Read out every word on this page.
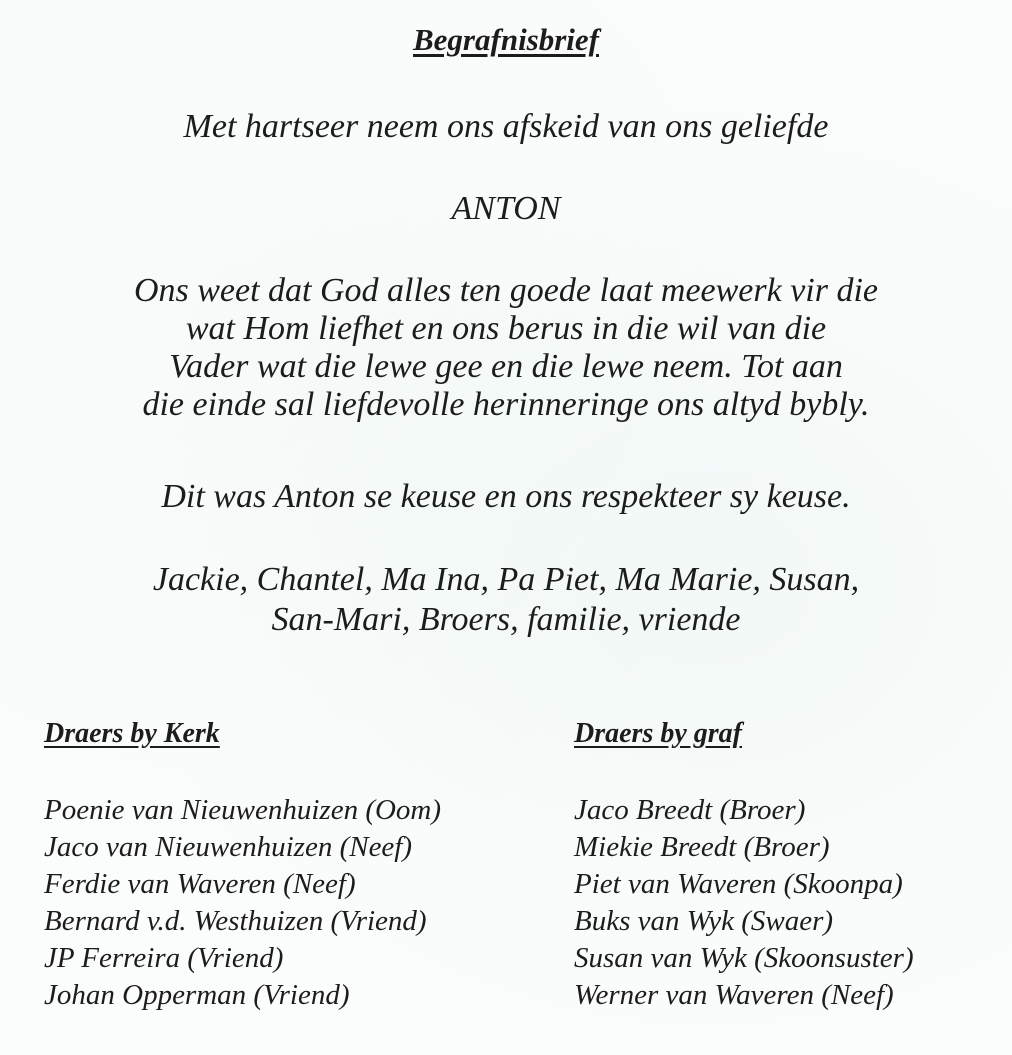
Begrafnisbrief
Met hartseer neem ons afskeid van ons geliefde
ANTON
Ons weet dat God alles ten goede laat meewerk vir die
wat Hom liefhet en ons berus in die wil van die
Vader wat die lewe gee en die lewe neem. Tot aan
die einde sal liefdevolle herinneringe ons altyd bybly.
Dit was Anton se keuse en ons respekteer sy keuse.
Jackie, Chantel, Ma Ina, Pa Piet, Ma Marie, Susan,
San-Mari, Broers, familie, vriende
Draers by Kerk
Poenie van Nieuwenhuizen (Oom)
Jaco van Nieuwenhuizen (Neef)
Ferdie van Waveren (Neef)
Bernard v.d. Westhuizen (Vriend)
JP Ferreira (Vriend)
Johan Opperman (Vriend)
Draers by graf
Jaco Breedt (Broer)
Miekie Breedt (Broer)
Piet van Waveren (Skoonpa)
Buks van Wyk (Swaer)
Susan van Wyk (Skoonsuster)
Werner van Waveren (Neef)
